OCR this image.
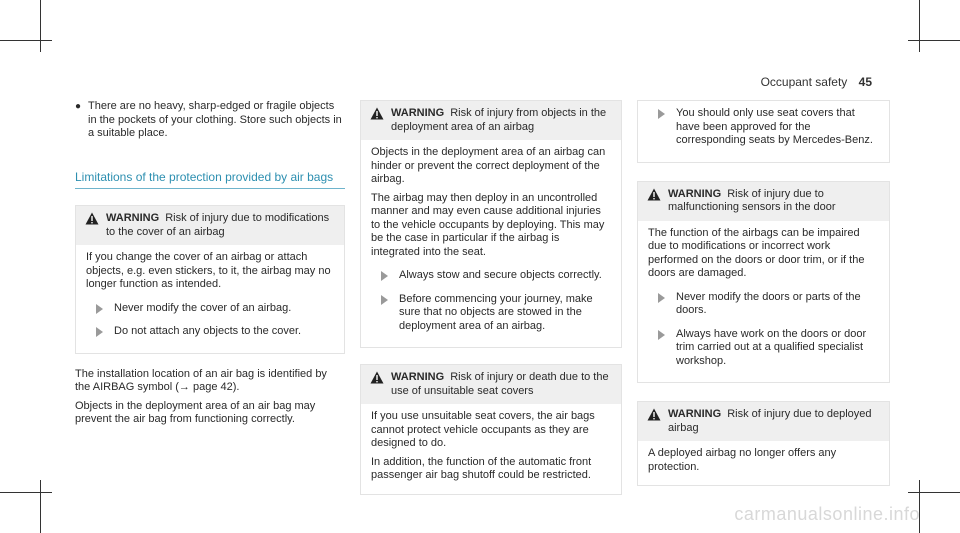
Occupant safety 45
● There are no heavy, sharp-edged or fragile objects in the pockets of your clothing. Store such objects in a suitable place.
Limitations of the protection provided by air bags
WARNING Risk of injury due to modifications to the cover of an airbag

If you change the cover of an airbag or attach objects, e.g. even stickers, to it, the airbag may no longer function as intended.

Never modify the cover of an airbag.
Do not attach any objects to the cover.

The installation location of an air bag is identified by the AIRBAG symbol (→ page 42).

Objects in the deployment area of an air bag may prevent the air bag from functioning correctly.

WARNING Risk of injury from objects in the deployment area of an airbag

Objects in the deployment area of an airbag can hinder or prevent the correct deployment of the airbag.

The airbag may then deploy in an uncontrolled manner and may even cause additional injuries to the vehicle occupants by deploying. This may be the case in particular if the airbag is integrated into the seat.

Always stow and secure objects correctly.
Before commencing your journey, make sure that no objects are stowed in the deployment area of an airbag.
WARNING Risk of injury or death due to the use of unsuitable seat covers

If you use unsuitable seat covers, the air bags cannot protect vehicle occupants as they are designed to do.

In addition, the function of the automatic front passenger air bag shutoff could be restricted.

You should only use seat covers that have been approved for the corresponding seats by Mercedes-Benz.
WARNING Risk of injury due to malfunctioning sensors in the door

The function of the airbags can be impaired due to modifications or incorrect work performed on the doors or door trim, or if the doors are damaged.

Never modify the doors or parts of the doors.
Always have work on the doors or door trim carried out at a qualified specialist workshop.
WARNING Risk of injury due to deployed airbag

A deployed airbag no longer offers any protection.

carmanualsonline.info
